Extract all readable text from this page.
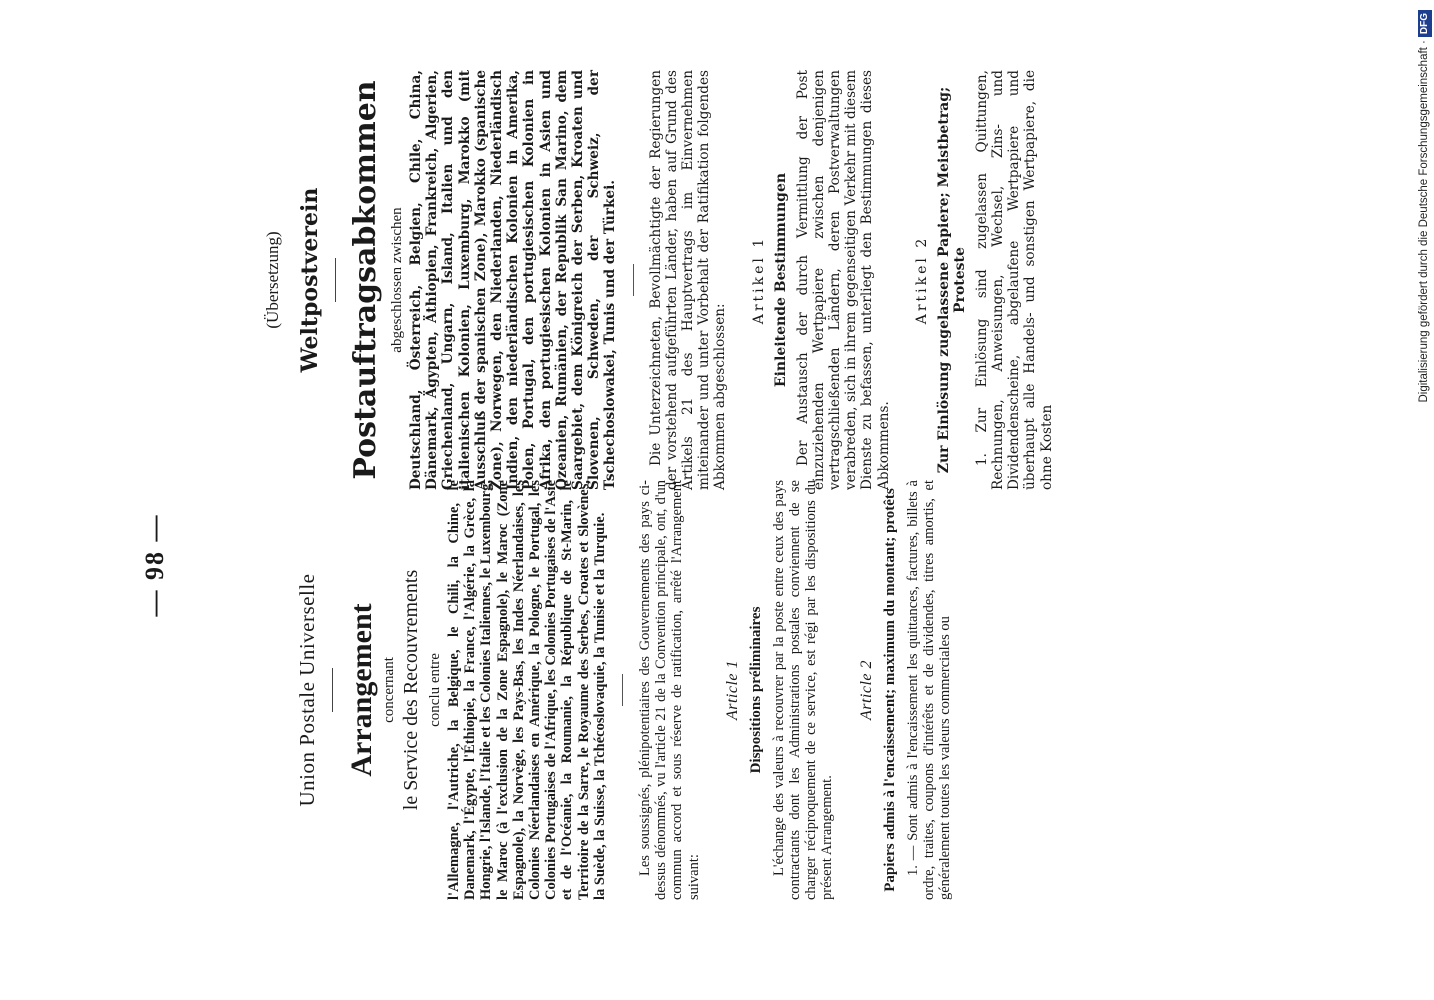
— 98 —
Union Postale Universelle Arrangement concernant le Service des Recouvrements conclu entre l'Allemagne, l'Autriche, la Belgique, le Chili, la Chine, le Danemark, l'Égypte, l'Éthiopie, la France, l'Algérie, la Grèce, la Hongrie, l'Islande, l'Italie et les Colonies Italiennes, le Luxembourg, le Maroc (à l'exclusion de la Zone Espagnole), le Maroc (Zone Espagnole), la Norvège, les Pays-Bas, les Indes Néerlandaises, les Colonies Néerlandaises en Amérique, la Pologne, le Portugal, les Colonies Portugaises de l'Afrique, les Colonies Portugaises de l'Asie et de l'Océanie, la Roumanie, la République de St-Marin, le Territoire de la Sarre, le Royaume des Serbes, Croates et Slovènes, la Suède, la Suisse, la Tchécoslovaquie, la Tunisie et la Turquie. Les soussignés, plénipotentiaires des Gouvernements des pays ci-dessus dénommés, vu l'article 21 de la Convention principale, ont, d'un commun accord et sous réserve de ratification, arrêté l'Arrangement suivant:

Article 1 Dispositions préliminaires L'échange des valeurs à recouvrer par la poste entre ceux des pays contractants dont les Administrations postales conviennent de se charger réciproquement de ce service, est régi par les dispositions du présent Arrangement.

Article 2 Papiers admis à l'encaissement; maximum du montant; protêts 1. — Sont admis à l'encaissement les quittances, factures, billets à ordre, traites, coupons d'intérêts et de dividendes, titres amortis, et généralement toutes les valeurs commerciales ou

(Übersetzung) Weltpostverein Postauftragsabkommen abgeschlossen zwischen Deutschland, Österreich, Belgien, Chile, China, Dänemark, Ägypten, Äthiopien, Frankreich, Algerien, Griechenland, Ungarn, Island, Italien und den italienischen Kolonien, Luxemburg, Marokko (mit Ausschluß der spanischen Zone), Marokko (spanische Zone), Norwegen, den Niederlanden, Niederländisch Indien, den niederländischen Kolonien in Amerika, Polen, Portugal, den portugiesischen Kolonien in Afrika, den portugiesischen Kolonien in Asien und Ozeanien, Rumänien, der Republik San Marino, dem Saargebiet, dem Königreich der Serben, Kroaten und Slovenen, Schweden, der Schweiz, der Tschechoslowakei, Tunis und der Türkei. Die Unterzeichneten, Bevollmächtigte der Regierungen der vorstehend aufgeführten Länder, haben auf Grund des Artikels 21 des Hauptvertrags im Einvernehmen miteinander und unter Vorbehalt der Ratifikation folgendes Abkommen abgeschlossen:

Artikel 1 Einleitende Bestimmungen Der Austausch der durch Vermittlung der Post einzuziehenden Wertpapiere zwischen denjenigen vertragschließenden Ländern, deren Postverwaltungen verabreden, sich in ihrem gegenseitigen Verkehr mit diesem Dienste zu befassen, unterliegt den Bestimmungen dieses Abkommens.

Artikel 2 Zur Einlösung zugelassene Papiere; Meistbetrag; Proteste 1. Zur Einlösung sind zugelassen Quittungen, Rechnungen, Anweisungen, Wechsel, Zins- und Dividendenscheine, abgelaufene Wertpapiere und überhaupt alle Handels- und sonstigen Wertpapiere, die ohne Kosten

Digitalisierung gefördert durch die Deutsche Forschungsgemeinschaft ·DFG
